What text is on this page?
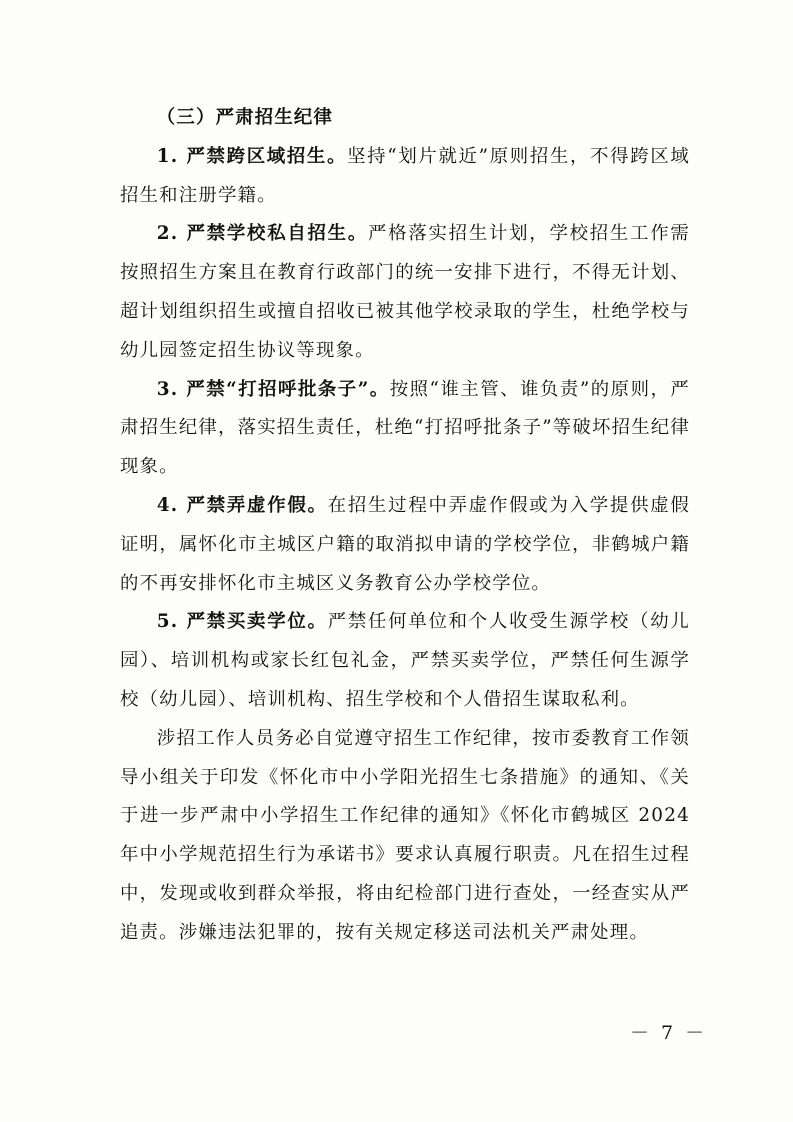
（三）严肃招生纪律

1. 严禁跨区域招生。坚持“划片就近”原则招生，不得跨区域招生和注册学籍。

2. 严禁学校私自招生。严格落实招生计划，学校招生工作需按照招生方案且在教育行政部门的统一安排下进行，不得无计划、超计划组织招生或擅自招收已被其他学校录取的学生，杜绝学校与幼儿园签定招生协议等现象。

3. 严禁“打招呼批条子”。按照“谁主管、谁负责”的原则，严肃招生纪律，落实招生责任，杜绝“打招呼批条子”等破坏招生纪律现象。

4. 严禁弄虚作假。在招生过程中弄虚作假或为入学提供虚假证明，属怀化市主城区户籍的取消拟申请的学校学位，非鹤城户籍的不再安排怀化市主城区义务教育公办学校学位。

5. 严禁买卖学位。严禁任何单位和个人收受生源学校（幼儿园）、培训机构或家长红包礼金，严禁买卖学位，严禁任何生源学校（幼儿园）、培训机构、招生学校和个人借招生谋取私利。

涉招工作人员务必自觉遵守招生工作纪律，按市委教育工作领导小组关于印发《怀化市中小学阳光招生七条措施》的通知、《关于进一步严肃中小学招生工作纪律的通知》《怀化市鹤城区 2024 年中小学规范招生行为承诺书》要求认真履行职责。凡在招生过程中，发现或收到群众举报，将由纪检部门进行查处，一经查实从严追责。涉嫌违法犯罪的，按有关规定移送司法机关严肃处理。

－ 7 －
